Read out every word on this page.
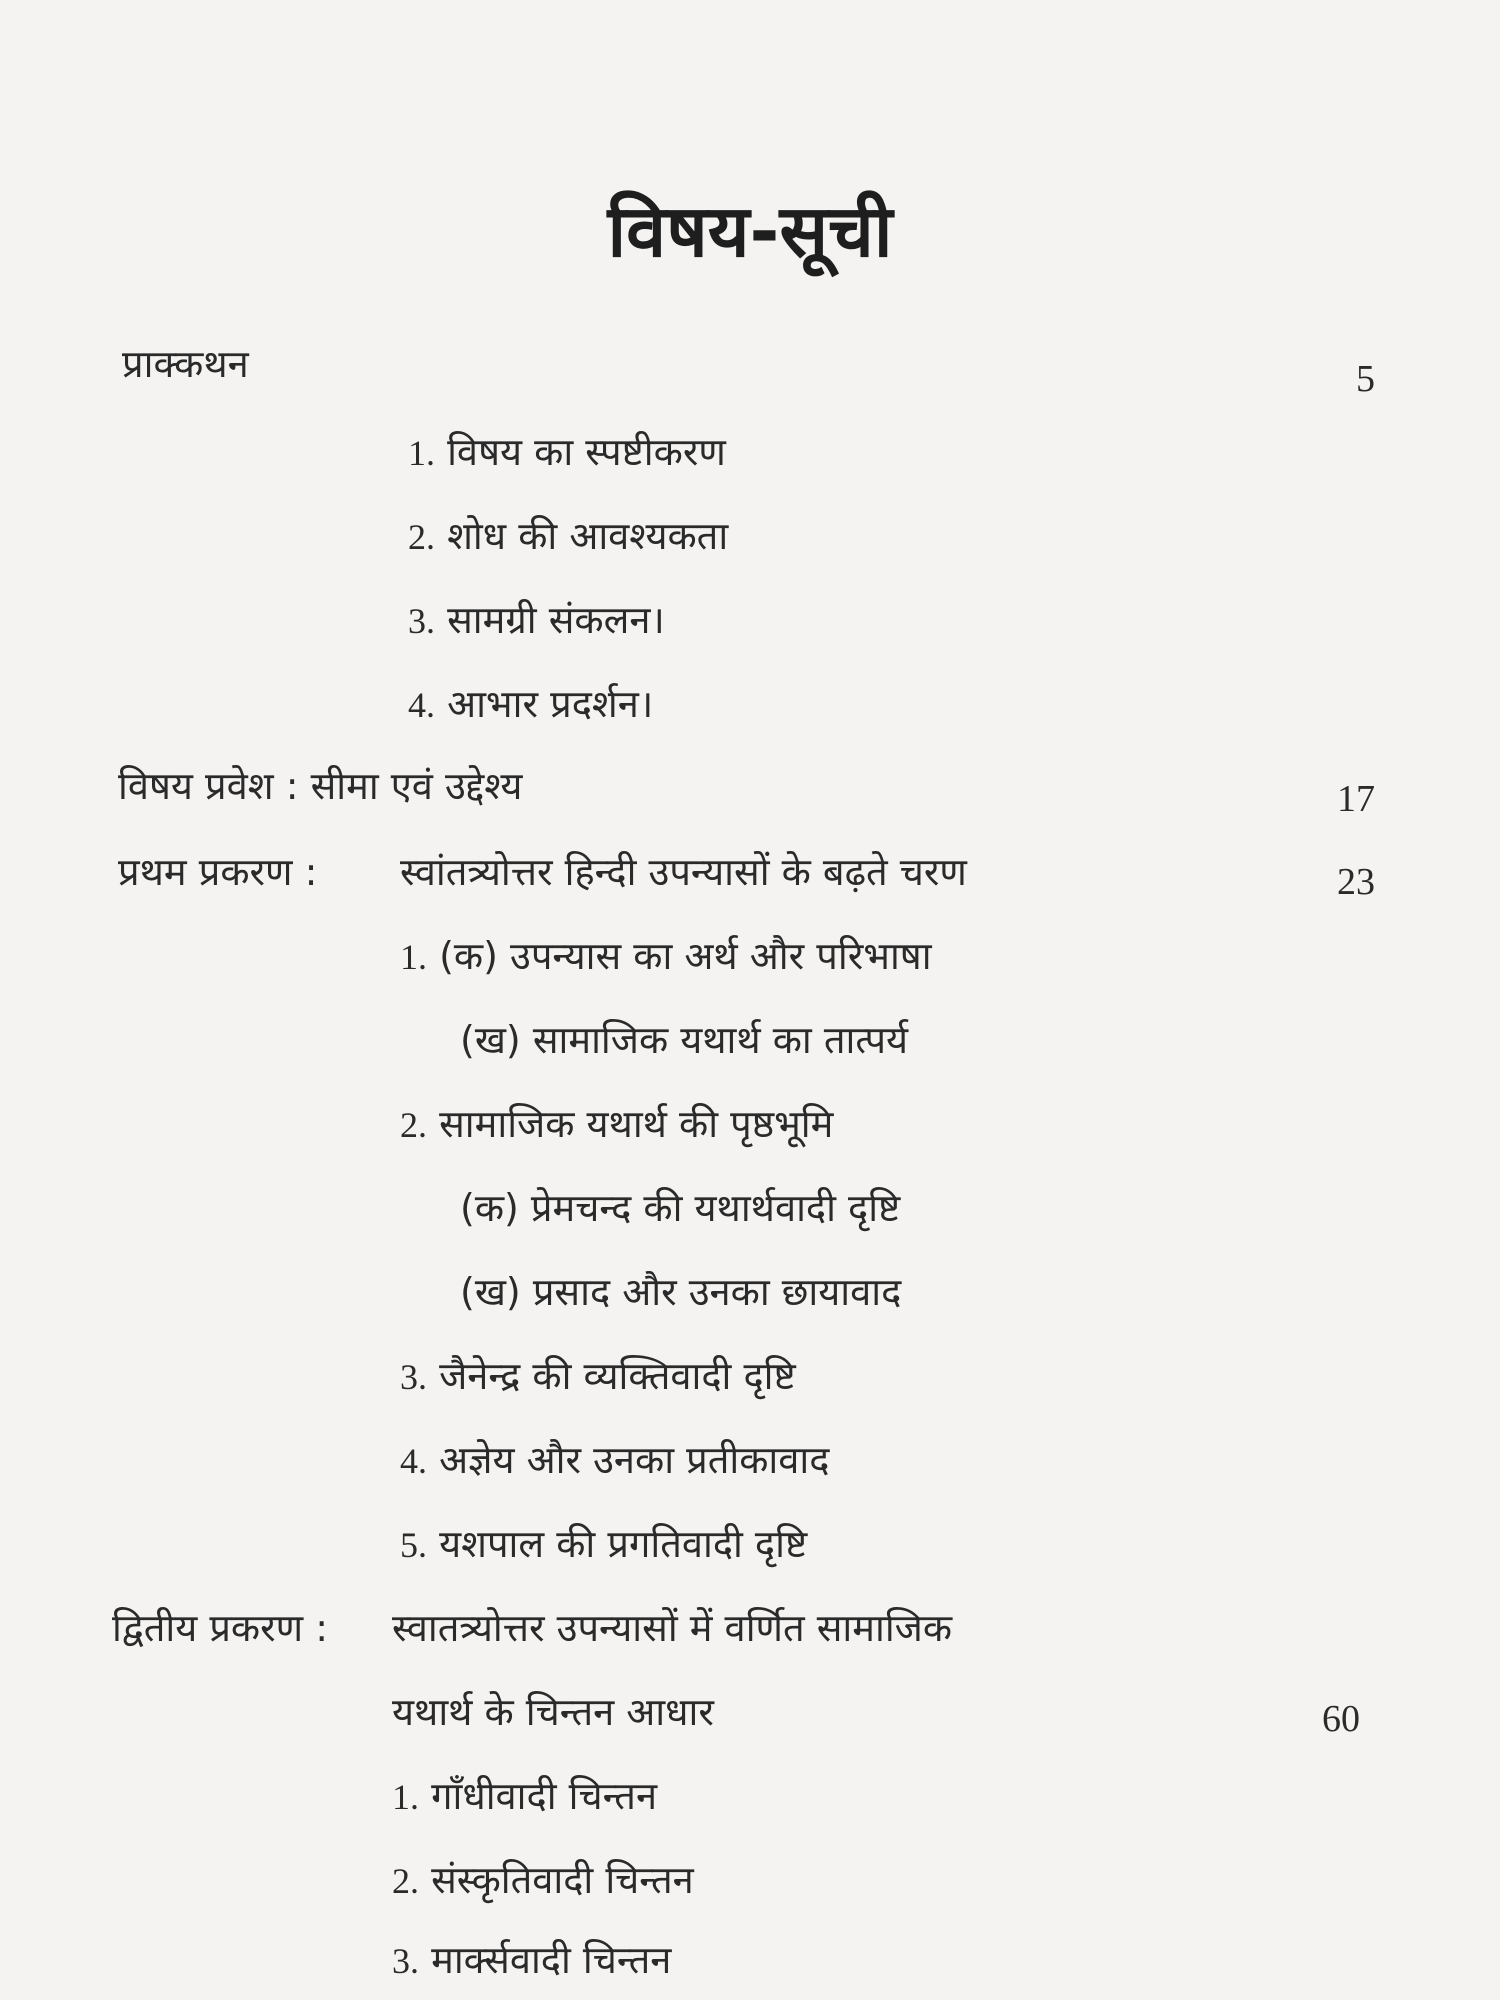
विषय-सूची
प्राक्कथन	5
1. विषय का स्पष्टीकरण
2. शोध की आवश्यकता
3. सामग्री संकलन।
4. आभार प्रदर्शन।
विषय प्रवेश : सीमा एवं उद्देश्य	17
प्रथम प्रकरण : स्वांतत्र्योत्तर हिन्दी उपन्यासों के बढ़ते चरण	23
1. (क) उपन्यास का अर्थ और परिभाषा
(ख) सामाजिक यथार्थ का तात्पर्य
2. सामाजिक यथार्थ की पृष्ठभूमि
(क) प्रेमचन्द की यथार्थवादी दृष्टि
(ख) प्रसाद और उनका छायावाद
3. जैनेन्द्र की व्यक्तिवादी दृष्टि
4. अज्ञेय और उनका प्रतीकावाद
5. यशपाल की प्रगतिवादी दृष्टि
द्वितीय प्रकरण : स्वातत्र्योत्तर उपन्यासों में वर्णित सामाजिक
यथार्थ के चिन्तन आधार	60
1. गाँधीवादी चिन्तन
2. संस्कृतिवादी चिन्तन
3. मार्क्सवादी चिन्तन
